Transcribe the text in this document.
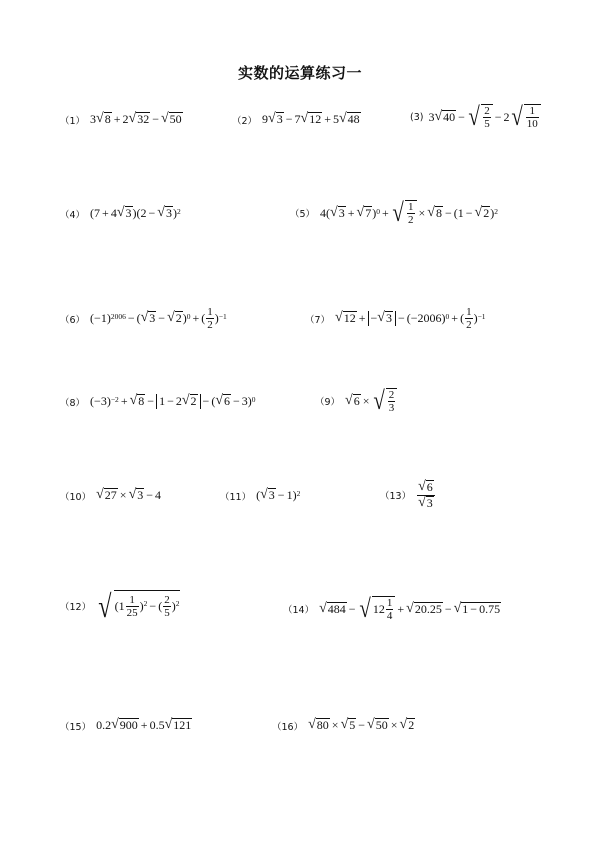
实数的运算练习一
（1） 3 √ 8 + 2 √ 32 − √ 50	（2） 9 √ 3 − 7 √ 12 + 5 √ 48	(3) 3 √ 40 − √ $\frac{2}{5} - 2$ √ $\frac{1}{10}$
（4） ( 7 + 4 √ 3 )( 2 − √ 3 )$^2$	（5） 4 ( √ 3 + √ 7 )$^0$ + √ $\frac{1}{2}$ × √ 8 − ( 1 − √ 2 )$^2$
（6） ( −1 )$^{2006}$ − ( √ 3 − √ 2 )$^0$ + ( $\frac{1}{2} )^{-1}$	（7） √ 12 + − √ 3 − ( −2006 )$^0$ + ( $\frac{1}{2} )^{-1}$
（8） ( −3 )$^{-2}$ + √ 8 − 1 − 2 √ 2 − ( √ 6 − 3 )$^0$	（9） √ 6 × √ $\frac{2}{3}$
（10） √ 27 × √ 3 − 4	（11） ( √ 3 − 1 )$^2$	$(13) \frac{√ 6}{√ 3}$
（12） √ ( $1 \frac{1}{25} )^2$ − ( $\frac{2}{5} )^2$
（14） √ 484 − √ $12 \frac{1}{4}$ + √ 20.25 − √ 1 − 0.75
（15） 0.2 √ 900 + 0.5 √ 121	（16） √ 80 × √ 5 − √ 50 × √ 2
